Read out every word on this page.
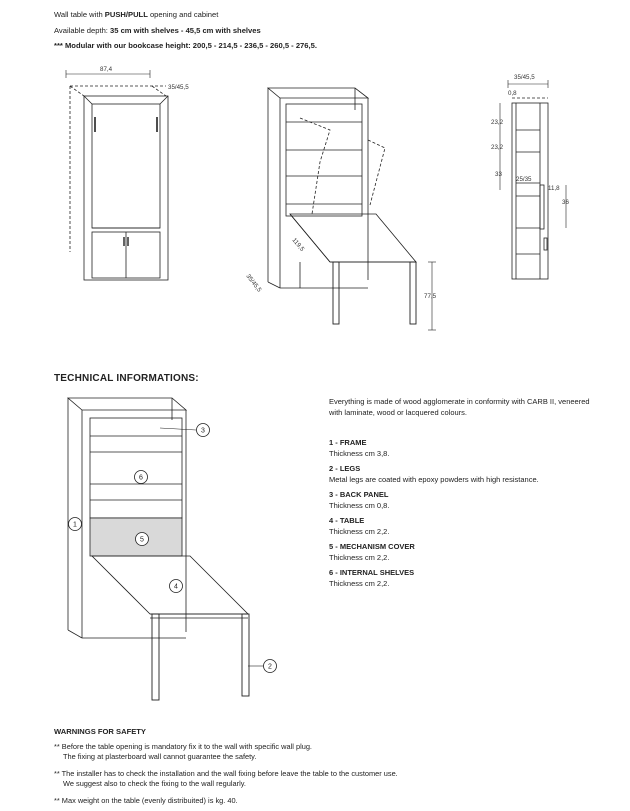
Wall table with PUSH/PULL opening and cabinet
Available depth: 35 cm with shelves - 45,5 cm with shelves
*** Modular with our bookcase height: 200,5 - 214,5 - 236,5 - 260,5 - 276,5.
87,4
35/45,5
119,5
35/45,5
77,5
35/45,5
0,8
23,2
23,2
33
25/35
11,8
36
1
2
3
4
5
6
TECHNICAL INFORMATIONS:
Everything is made of wood agglomerate in conformity with CARB II, veneered with laminate, wood or lacquered colours.
1 - FRAME
Thickness cm 3,8.
2 - LEGS
Metal legs are coated with epoxy powders with high resistance.
3 - BACK PANEL
Thickness cm 0,8.
4 - TABLE
Thickness cm 2,2.
5 - MECHANISM COVER
Thickness cm 2,2.
6 - INTERNAL SHELVES
Thickness cm 2,2.
WARNINGS FOR SAFETY
** Before the table opening is mandatory fix it to the wall with specific wall plug.
The fixing at plasterboard wall cannot guarantee the safety.
** The installer has to check the installation and the wall fixing before leave the table to the customer use.
We suggest also to check the fixing to the wall regularly.
** Max weight on the table (evenly distribuited) is kg. 40.
